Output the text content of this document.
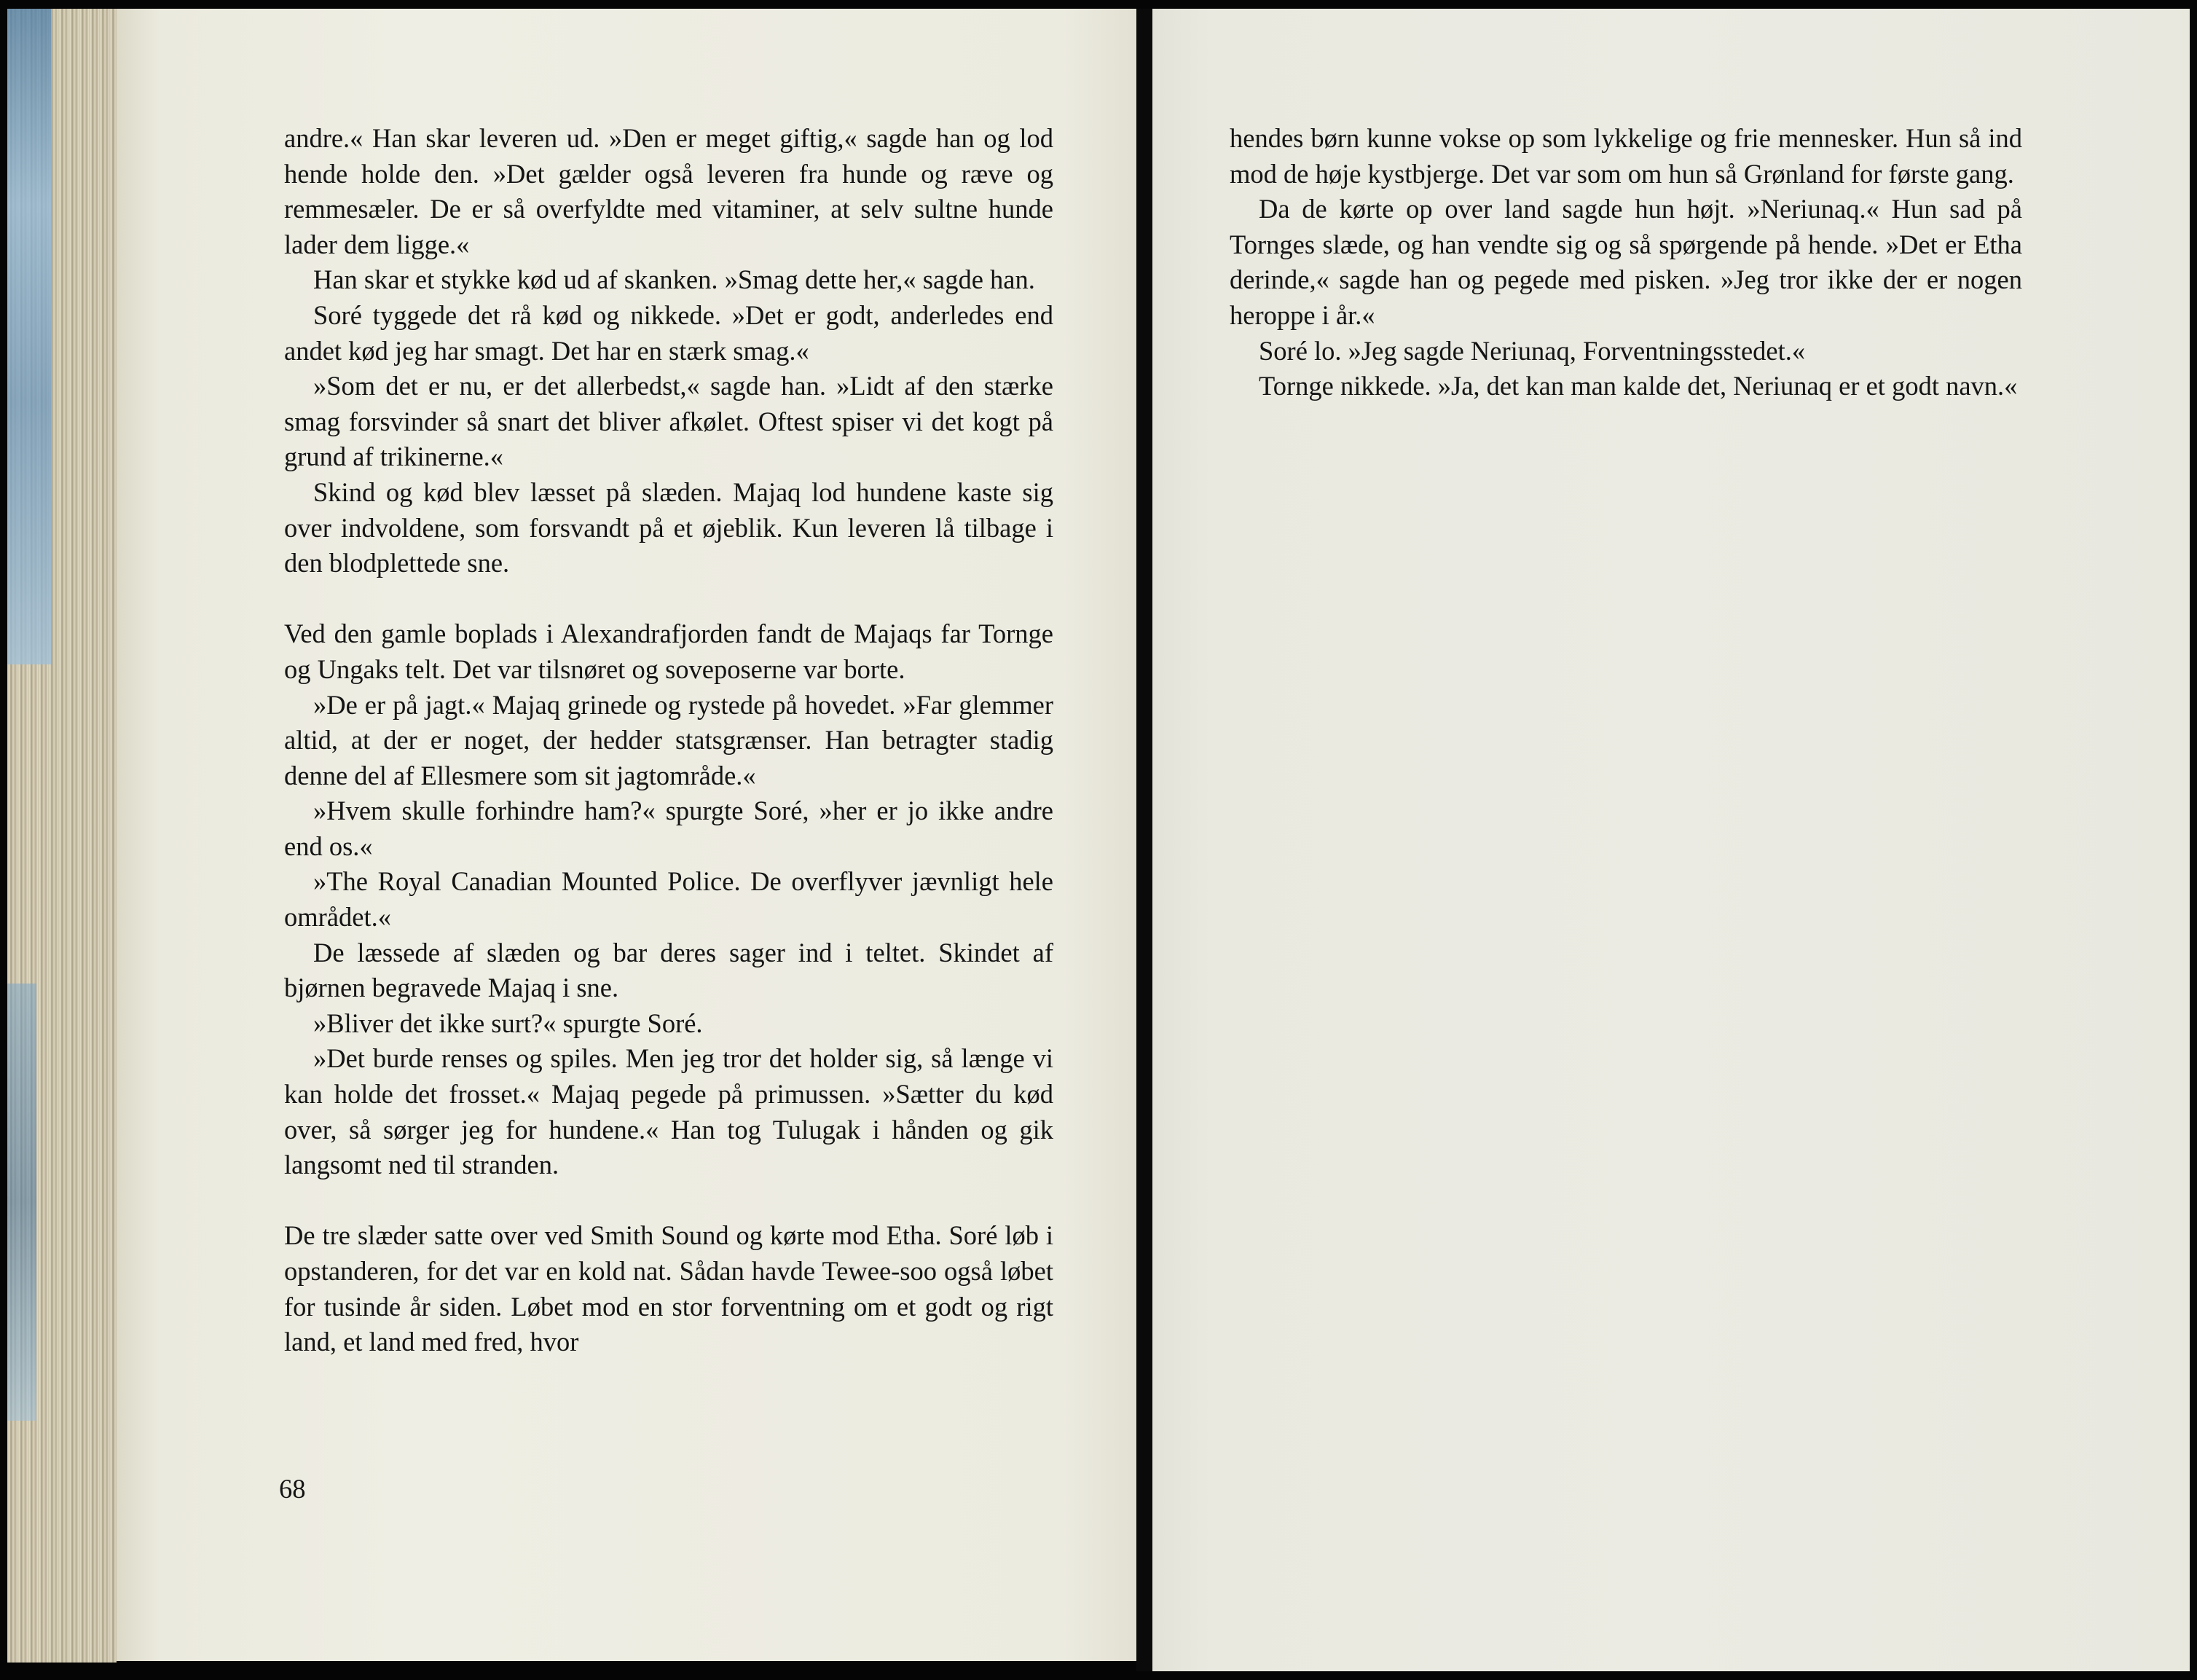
andre.« Han skar leveren ud. »Den er meget giftig,« sagde han og lod hende holde den. »Det gælder også leveren fra hunde og ræve og remmesæler. De er så overfyldte med vitaminer, at selv sultne hunde lader dem ligge.«

Han skar et stykke kød ud af skanken. »Smag dette her,« sagde han.

Soré tyggede det rå kød og nikkede. »Det er godt, anderledes end andet kød jeg har smagt. Det har en stærk smag.«

»Som det er nu, er det allerbedst,« sagde han. »Lidt af den stærke smag forsvinder så snart det bliver afkølet. Oftest spiser vi det kogt på grund af trikinerne.«

Skind og kød blev læsset på slæden. Majaq lod hundene kaste sig over indvoldene, som forsvandt på et øjeblik. Kun leveren lå tilbage i den blodplettede sne.

Ved den gamle boplads i Alexandrafjorden fandt de Majaqs far Tornge og Ungaks telt. Det var tilsnøret og soveposerne var borte.

»De er på jagt.« Majaq grinede og rystede på hovedet. »Far glemmer altid, at der er noget, der hedder statsgrænser. Han betragter stadig denne del af Ellesmere som sit jagtområde.«

»Hvem skulle forhindre ham?« spurgte Soré, »her er jo ikke andre end os.«

»The Royal Canadian Mounted Police. De overflyver jævnligt hele området.«

De læssede af slæden og bar deres sager ind i teltet. Skindet af bjørnen begravede Majaq i sne.

»Bliver det ikke surt?« spurgte Soré.

»Det burde renses og spiles. Men jeg tror det holder sig, så længe vi kan holde det frosset.« Majaq pegede på primussen. »Sætter du kød over, så sørger jeg for hundene.« Han tog Tulugak i hånden og gik langsomt ned til stranden.

De tre slæder satte over ved Smith Sound og kørte mod Etha. Soré løb i opstanderen, for det var en kold nat. Sådan havde Tewee-soo også løbet for tusinde år siden. Løbet mod en stor forventning om et godt og rigt land, et land med fred, hvor

68

hendes børn kunne vokse op som lykkelige og frie mennesker. Hun så ind mod de høje kystbjerge. Det var som om hun så Grønland for første gang.

Da de kørte op over land sagde hun højt. »Neriunaq.« Hun sad på Tornges slæde, og han vendte sig og så spørgende på hende. »Det er Etha derinde,« sagde han og pegede med pisken. »Jeg tror ikke der er nogen heroppe i år.«

Soré lo. »Jeg sagde Neriunaq, Forventningsstedet.«

Tornge nikkede. »Ja, det kan man kalde det, Neriunaq er et godt navn.«
